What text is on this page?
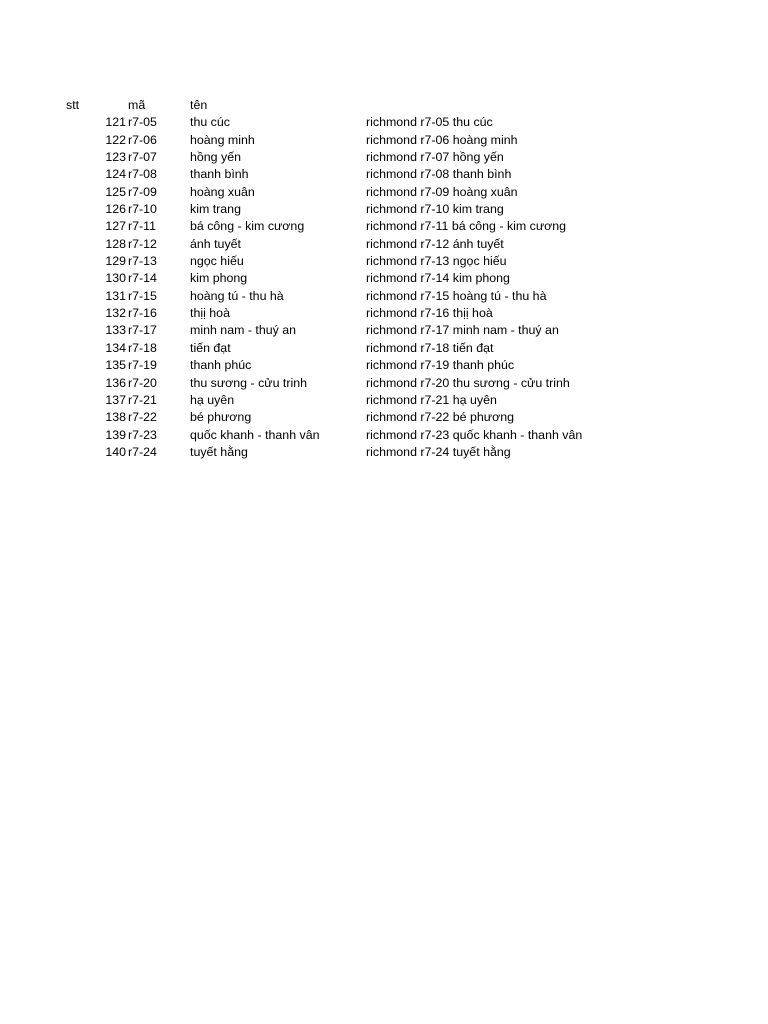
stt	mã	tên
121 r7-05	thu cúc	richmond r7-05 thu cúc
122 r7-06	hoàng minh	richmond r7-06 hoàng minh
123 r7-07	hồng yến	richmond r7-07 hồng yến
124 r7-08	thanh bình	richmond r7-08 thanh bình
125 r7-09	hoàng xuân	richmond r7-09 hoàng xuân
126 r7-10	kim trang	richmond r7-10 kim trang
127 r7-11	bá công - kim cương	richmond r7-11 bá công - kim cương
128 r7-12	ánh tuyết	richmond r7-12 ánh tuyết
129 r7-13	ngọc hiếu	richmond r7-13 ngọc hiếu
130 r7-14	kim phong	richmond r7-14 kim phong
131 r7-15	hoàng tú - thu hà	richmond r7-15 hoàng tú - thu hà
132 r7-16	thịị hoà	richmond r7-16 thịị hoà
133 r7-17	minh nam - thuý an	richmond r7-17 minh nam - thuý an
134 r7-18	tiến đạt	richmond r7-18 tiến đạt
135 r7-19	thanh phúc	richmond r7-19 thanh phúc
136 r7-20	thu sương - cửu trinh	richmond r7-20 thu sương - cửu trinh
137 r7-21	hạ uyên	richmond r7-21 hạ uyên
138 r7-22	bé phương	richmond r7-22 bé phương
139 r7-23	quốc khanh - thanh vân	richmond r7-23 quốc khanh - thanh vân
140 r7-24	tuyết hằng	richmond r7-24 tuyết hằng
